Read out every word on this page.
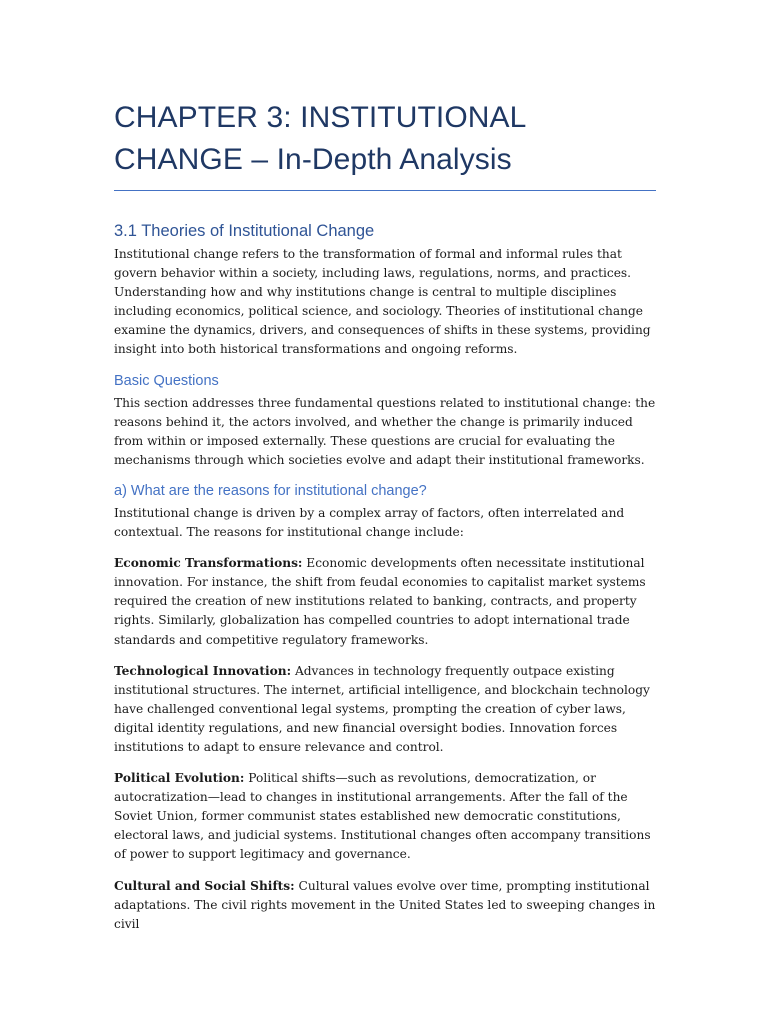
CHAPTER 3: INSTITUTIONAL CHANGE – In-Depth Analysis
3.1 Theories of Institutional Change

Institutional change refers to the transformation of formal and informal rules that govern behavior within a society, including laws, regulations, norms, and practices. Understanding how and why institutions change is central to multiple disciplines including economics, political science, and sociology. Theories of institutional change examine the dynamics, drivers, and consequences of shifts in these systems, providing insight into both historical transformations and ongoing reforms.

Basic Questions

This section addresses three fundamental questions related to institutional change: the reasons behind it, the actors involved, and whether the change is primarily induced from within or imposed externally. These questions are crucial for evaluating the mechanisms through which societies evolve and adapt their institutional frameworks.

a) What are the reasons for institutional change?

Institutional change is driven by a complex array of factors, often interrelated and contextual. The reasons for institutional change include:

Economic Transformations: Economic developments often necessitate institutional innovation. For instance, the shift from feudal economies to capitalist market systems required the creation of new institutions related to banking, contracts, and property rights. Similarly, globalization has compelled countries to adopt international trade standards and competitive regulatory frameworks.

Technological Innovation: Advances in technology frequently outpace existing institutional structures. The internet, artificial intelligence, and blockchain technology have challenged conventional legal systems, prompting the creation of cyber laws, digital identity regulations, and new financial oversight bodies. Innovation forces institutions to adapt to ensure relevance and control.

Political Evolution: Political shifts—such as revolutions, democratization, or autocratization—lead to changes in institutional arrangements. After the fall of the Soviet Union, former communist states established new democratic constitutions, electoral laws, and judicial systems. Institutional changes often accompany transitions of power to support legitimacy and governance.

Cultural and Social Shifts: Cultural values evolve over time, prompting institutional adaptations. The civil rights movement in the United States led to sweeping changes in civil
